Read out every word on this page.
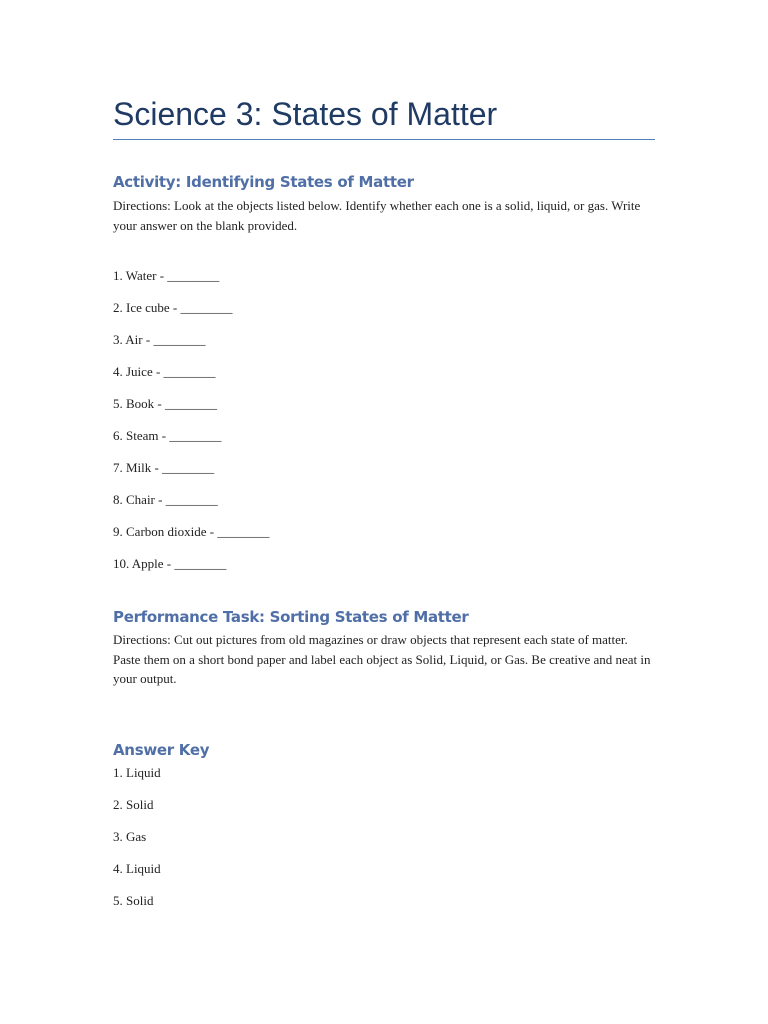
Science 3: States of Matter
Activity: Identifying States of Matter

Directions: Look at the objects listed below. Identify whether each one is a solid, liquid, or gas. Write your answer on the blank provided.

1. Water - ________

2. Ice cube - ________

3. Air - ________

4. Juice - ________

5. Book - ________

6. Steam - ________

7. Milk - ________

8. Chair - ________

9. Carbon dioxide - ________

10. Apple - ________

Performance Task: Sorting States of Matter

Directions: Cut out pictures from old magazines or draw objects that represent each state of matter. Paste them on a short bond paper and label each object as Solid, Liquid, or Gas. Be creative and neat in your output.

Answer Key

1. Liquid

2. Solid

3. Gas

4. Liquid

5. Solid
